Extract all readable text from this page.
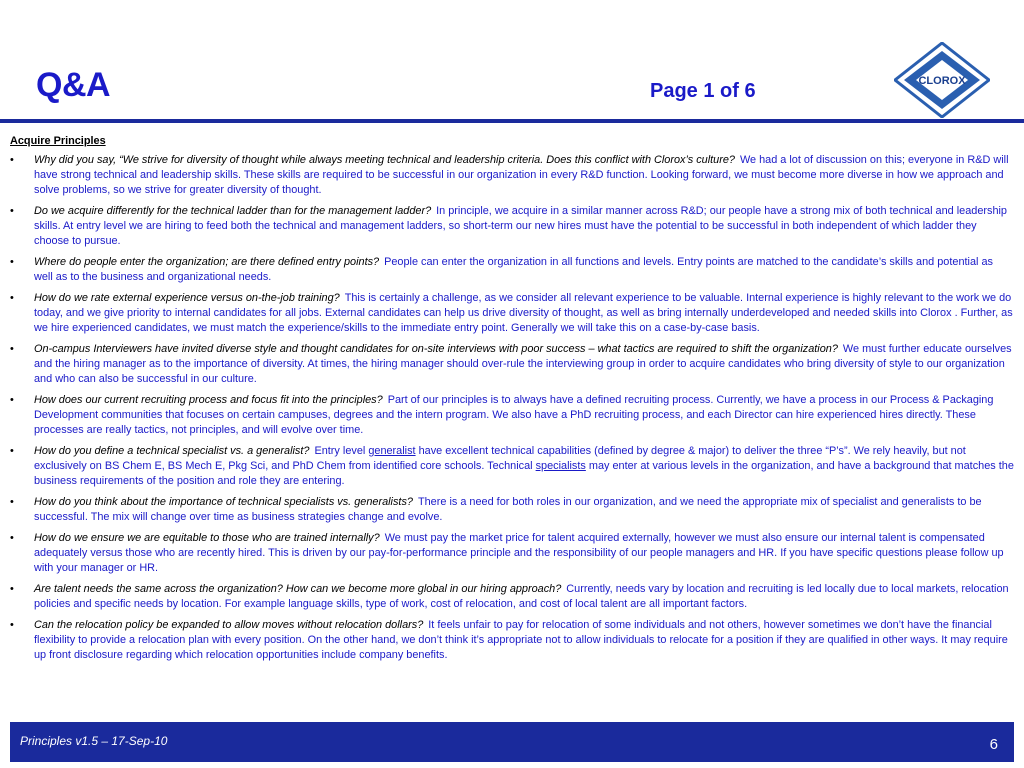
Q&A	Page 1 of 6	CLOROX
Acquire Principles
• Why did you say, “We strive for diversity of thought while always meeting technical and leadership criteria. Does this conflict with Clorox’s culture? We had a lot of discussion on this; everyone in R&D will have strong technical and leadership skills. These skills are required to be successful in our organization in every R&D function. Looking forward, we must become more diverse in how we approach and solve problems, so we strive for greater diversity of thought.
• Do we acquire differently for the technical ladder than for the management ladder? In principle, we acquire in a similar manner across R&D; our people have a strong mix of both technical and leadership skills. At entry level we are hiring to feed both the technical and management ladders, so short-term our new hires must have the potential to be successful in both independent of which ladder they choose to pursue.
• Where do people enter the organization; are there defined entry points? People can enter the organization in all functions and levels. Entry points are matched to the candidate’s skills and potential as well as to the business and organizational needs.
• How do we rate external experience versus on-the-job training? This is certainly a challenge, as we consider all relevant experience to be valuable. Internal experience is highly relevant to the work we do today, and we give priority to internal candidates for all jobs. External candidates can help us drive diversity of thought, as well as bring internally underdeveloped and needed skills into Clorox . Further, as we hire experienced candidates, we must match the experience/skills to the immediate entry point. Generally we will take this on a case-by-case basis.
• On-campus Interviewers have invited diverse style and thought candidates for on-site interviews with poor success – what tactics are required to shift the organization? We must further educate ourselves and the hiring manager as to the importance of diversity. At times, the hiring manager should over-rule the interviewing group in order to acquire candidates who bring diversity of style to our organization and who can also be successful in our culture.
• How does our current recruiting process and focus fit into the principles? Part of our principles is to always have a defined recruiting process. Currently, we have a process in our Process & Packaging Development communities that focuses on certain campuses, degrees and the intern program. We also have a PhD recruiting process, and each Director can hire experienced hires directly. These processes are really tactics, not principles, and will evolve over time.
• How do you define a technical specialist vs. a generalist? Entry level generalist have excellent technical capabilities (defined by degree & major) to deliver the three “P’s”. We rely heavily, but not exclusively on BS Chem E, BS Mech E, Pkg Sci, and PhD Chem from identified core schools. Technical specialists may enter at various levels in the organization, and have a background that matches the business requirements of the position and role they are entering.
• How do you think about the importance of technical specialists vs. generalists? There is a need for both roles in our organization, and we need the appropriate mix of specialist and generalists to be successful. The mix will change over time as business strategies change and evolve.
• How do we ensure we are equitable to those who are trained internally? We must pay the market price for talent acquired externally, however we must also ensure our internal talent is compensated adequately versus those who are recently hired. This is driven by our pay-for-performance principle and the responsibility of our people managers and HR. If you have specific questions please follow up with your manager or HR.
• Are talent needs the same across the organization? How can we become more global in our hiring approach? Currently, needs vary by location and recruiting is led locally due to local markets, relocation policies and specific needs by location. For example language skills, type of work, cost of relocation, and cost of local talent are all important factors.
• Can the relocation policy be expanded to allow moves without relocation dollars? It feels unfair to pay for relocation of some individuals and not others, however sometimes we don’t have the financial flexibility to provide a relocation plan with every position. On the other hand, we don’t think it’s appropriate not to allow individuals to relocate for a position if they are qualified in other ways. It may require up front disclosure regarding which relocation opportunities include company benefits.
Principles v1.5 – 17-Sep-10	6
